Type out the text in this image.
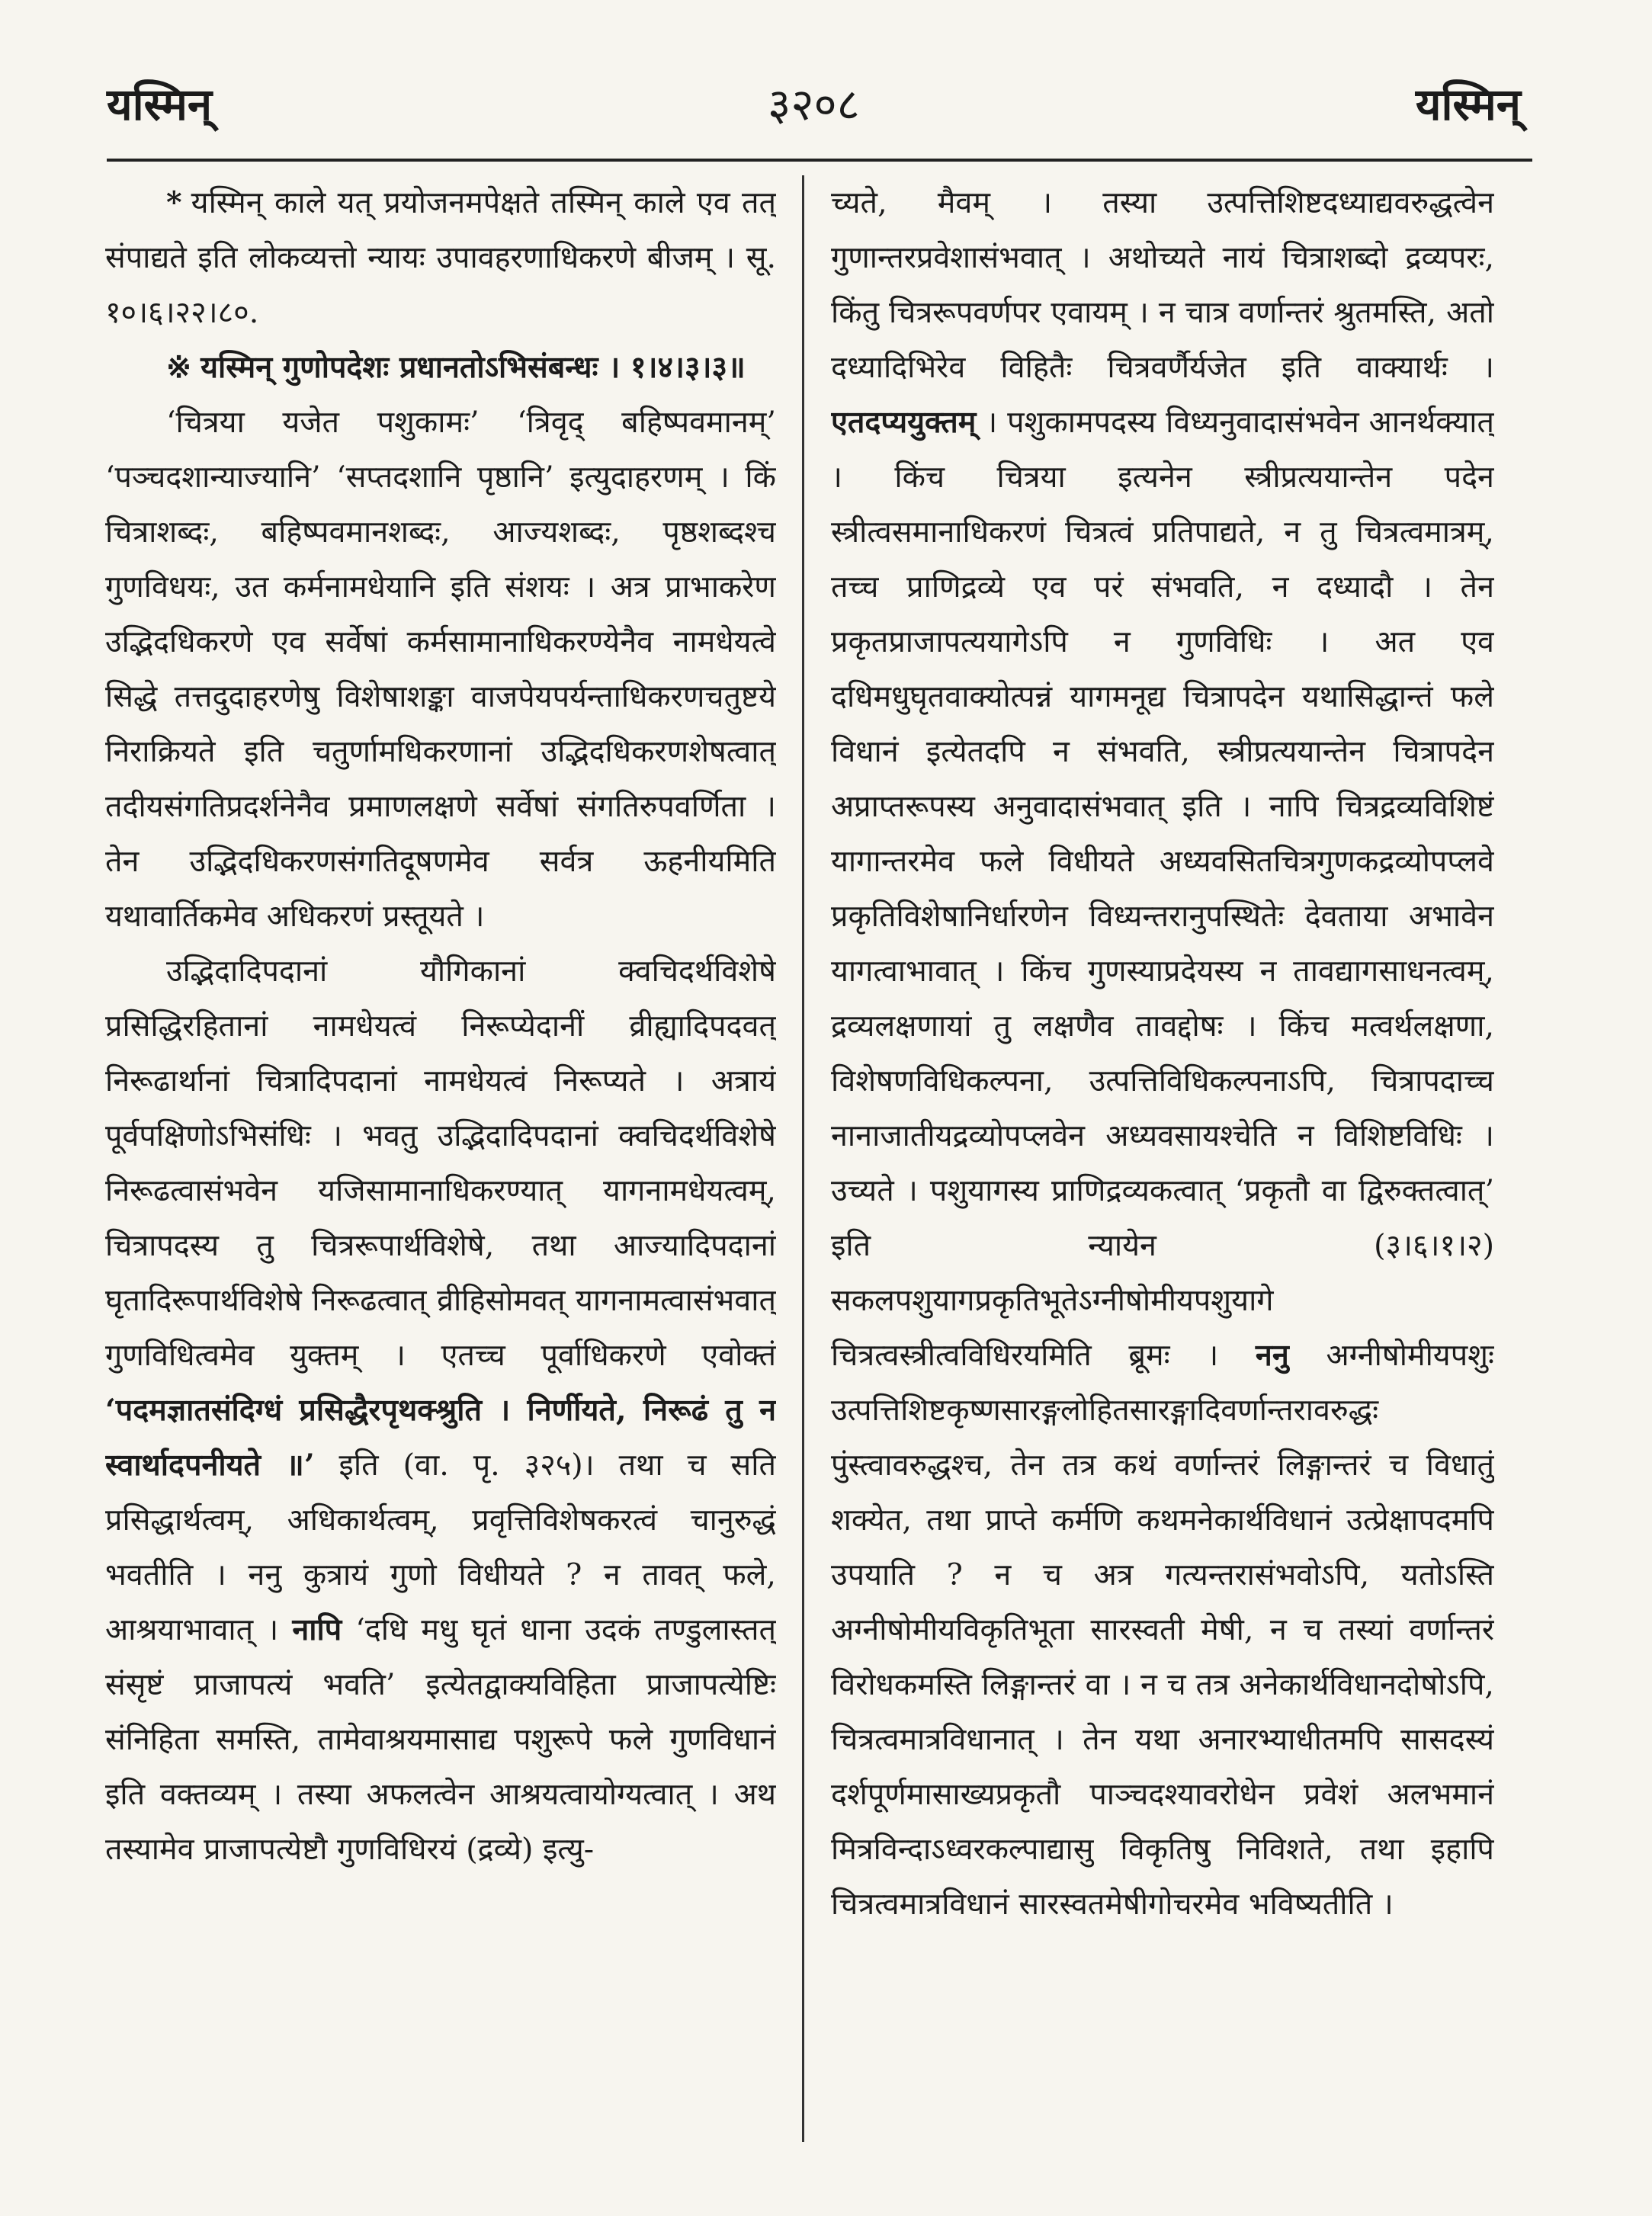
३२०८
यस्मिन्	यस्मिन्

* यस्मिन् काले यत् प्रयोजनमपेक्षते तस्मिन् काले एव तत् संपाद्यते इति लोकव्यत्तो न्यायः उपावहरणाधिकरणे बीजम् । सू. १०।६।२२।८०.

※ यस्मिन् गुणोपदेशः प्रधानतोऽभिसंबन्धः । १।४।३।३॥

‘चित्रया यजेत पशुकामः’ ‘त्रिवृद् बहिष्पवमानम्’ ‘पञ्चदशान्याज्यानि’ ‘सप्तदशानि पृष्ठानि’ इत्युदाहरणम् । किं चित्राशब्दः, बहिष्पवमानशब्दः, आज्यशब्दः, पृष्ठशब्दश्च गुणविधयः, उत कर्मनामधेयानि इति संशयः । अत्र प्राभाकरेण उद्भिदधिकरणे एव सर्वेषां कर्मसामानाधिकरण्येनैव नामधेयत्वे सिद्धे तत्तदुदाहरणेषु विशेषाशङ्का वाजपेयपर्यन्ताधिकरणचतुष्टये निराक्रियते इति चतुर्णामधिकरणानां उद्भिदधिकरणशेषत्वात् तदीयसंगतिप्रदर्शनेनैव प्रमाणलक्षणे सर्वेषां संगतिरुपवर्णिता । तेन उद्भिदधिकरणसंगतिदूषणमेव सर्वत्र ऊहनीयमिति यथावार्तिकमेव अधिकरणं प्रस्तूयते ।

उद्भिदादिपदानां यौगिकानां क्वचिदर्थविशेषे प्रसिद्धिरहितानां नामधेयत्वं निरूप्येदानीं व्रीह्यादिपदवत् निरूढार्थानां चित्रादिपदानां नामधेयत्वं निरूप्यते । अत्रायं पूर्वपक्षिणोऽभिसंधिः । भवतु उद्भिदादिपदानां क्वचिदर्थविशेषे निरूढत्वासंभवेन यजिसामानाधिकरण्यात् यागनामधेयत्वम्, चित्रापदस्य तु चित्ररूपार्थविशेषे, तथा आज्यादिपदानां घृतादिरूपार्थविशेषे निरूढत्वात् व्रीहिसोमवत् यागनामत्वासंभवात् गुणविधित्वमेव युक्तम् । एतच्च पूर्वाधिकरणे एवोक्तं ‘पदमज्ञातसंदिग्धं प्रसिद्धैरपृथक्श्रुति । निर्णीयते, निरूढं तु न स्वार्थादपनीयते ॥’ इति (वा. पृ. ३२५)। तथा च सति प्रसिद्धार्थत्वम्, अधिकार्थत्वम्, प्रवृत्तिविशेषकरत्वं चानुरुद्धं भवतीति । ननु कुत्रायं गुणो विधीयते ? न तावत् फले, आश्रयाभावात् । नापि ‘दधि मधु घृतं धाना उदकं तण्डुलास्तत् संसृष्टं प्राजापत्यं भवति’ इत्येतद्वाक्यविहिता प्राजापत्येष्टिः संनिहिता समस्ति, तामेवाश्रयमासाद्य पशुरूपे फले गुणविधानं इति वक्तव्यम् । तस्या अफलत्वेन आश्रयत्वायोग्यत्वात् । अथ तस्यामेव प्राजापत्येष्टौ गुणविधिरयं (द्रव्ये) इत्यु-

च्यते, मैवम् । तस्या उत्पत्तिशिष्टदध्याद्यवरुद्धत्वेन गुणान्तरप्रवेशासंभवात् । अथोच्यते नायं चित्राशब्दो द्रव्यपरः, किंतु चित्ररूपवर्णपर एवायम् । न चात्र वर्णान्तरं श्रुतमस्ति, अतो दध्यादिभिरेव विहितैः चित्रवर्णैर्यजेत इति वाक्यार्थः । एतदप्ययुक्तम् । पशुकामपदस्य विध्यनुवादासंभवेन आनर्थक्यात् । किंच चित्रया इत्यनेन स्त्रीप्रत्ययान्तेन पदेन स्त्रीत्वसमानाधिकरणं चित्रत्वं प्रतिपाद्यते, न तु चित्रत्वमात्रम्, तच्च प्राणिद्रव्ये एव परं संभवति, न दध्यादौ । तेन प्रकृतप्राजापत्ययागेऽपि न गुणविधिः । अत एव दधिमधुघृतवाक्योत्पन्नं यागमनूद्य चित्रापदेन यथासिद्धान्तं फले विधानं इत्येतदपि न संभवति, स्त्रीप्रत्ययान्तेन चित्रापदेन अप्राप्तरूपस्य अनुवादासंभवात् इति । नापि चित्रद्रव्यविशिष्टं यागान्तरमेव फले विधीयते अध्यवसितचित्रगुणकद्रव्योपप्लवे प्रकृतिविशेषानिर्धारणेन विध्यन्तरानुपस्थितेः देवताया अभावेन यागत्वाभावात् । किंच गुणस्याप्रदेयस्य न तावद्यागसाधनत्वम्, द्रव्यलक्षणायां तु लक्षणैव तावद्दोषः । किंच मत्वर्थलक्षणा, विशेषणविधिकल्पना, उत्पत्तिविधिकल्पनाऽपि, चित्रापदाच्च नानाजातीयद्रव्योपप्लवेन अध्यवसायश्चेति न विशिष्टविधिः । उच्यते । पशुयागस्य प्राणिद्रव्यकत्वात् ‘प्रकृतौ वा द्विरुक्तत्वात्’ इति न्यायेन (३।६।१।२) सकलपशुयागप्रकृतिभूतेऽग्नीषोमीयपशुयागे चित्रत्वस्त्रीत्वविधिरयमिति ब्रूमः । ननु अग्नीषोमीयपशुः उत्पत्तिशिष्टकृष्णसारङ्गलोहितसारङ्गादिवर्णान्तरावरुद्धः पुंस्त्वावरुद्धश्च, तेन तत्र कथं वर्णान्तरं लिङ्गान्तरं च विधातुं शक्येत, तथा प्राप्ते कर्मणि कथमनेकार्थविधानं उत्प्रेक्षापदमपि उपयाति ? न च अत्र गत्यन्तरासंभवोऽपि, यतोऽस्ति अग्नीषोमीयविकृतिभूता सारस्वती मेषी, न च तस्यां वर्णान्तरं विरोधकमस्ति लिङ्गान्तरं वा । न च तत्र अनेकार्थविधानदोषोऽपि, चित्रत्वमात्रविधानात् । तेन यथा अनारभ्याधीतमपि सासदस्यं दर्शपूर्णमासाख्यप्रकृतौ पाञ्चदश्यावरोधेन प्रवेशं अलभमानं मित्रविन्दाऽध्वरकल्पाद्यासु विकृतिषु निविशते, तथा इहापि चित्रत्वमात्रविधानं सारस्वतमेषीगोचरमेव भविष्यतीति ।
